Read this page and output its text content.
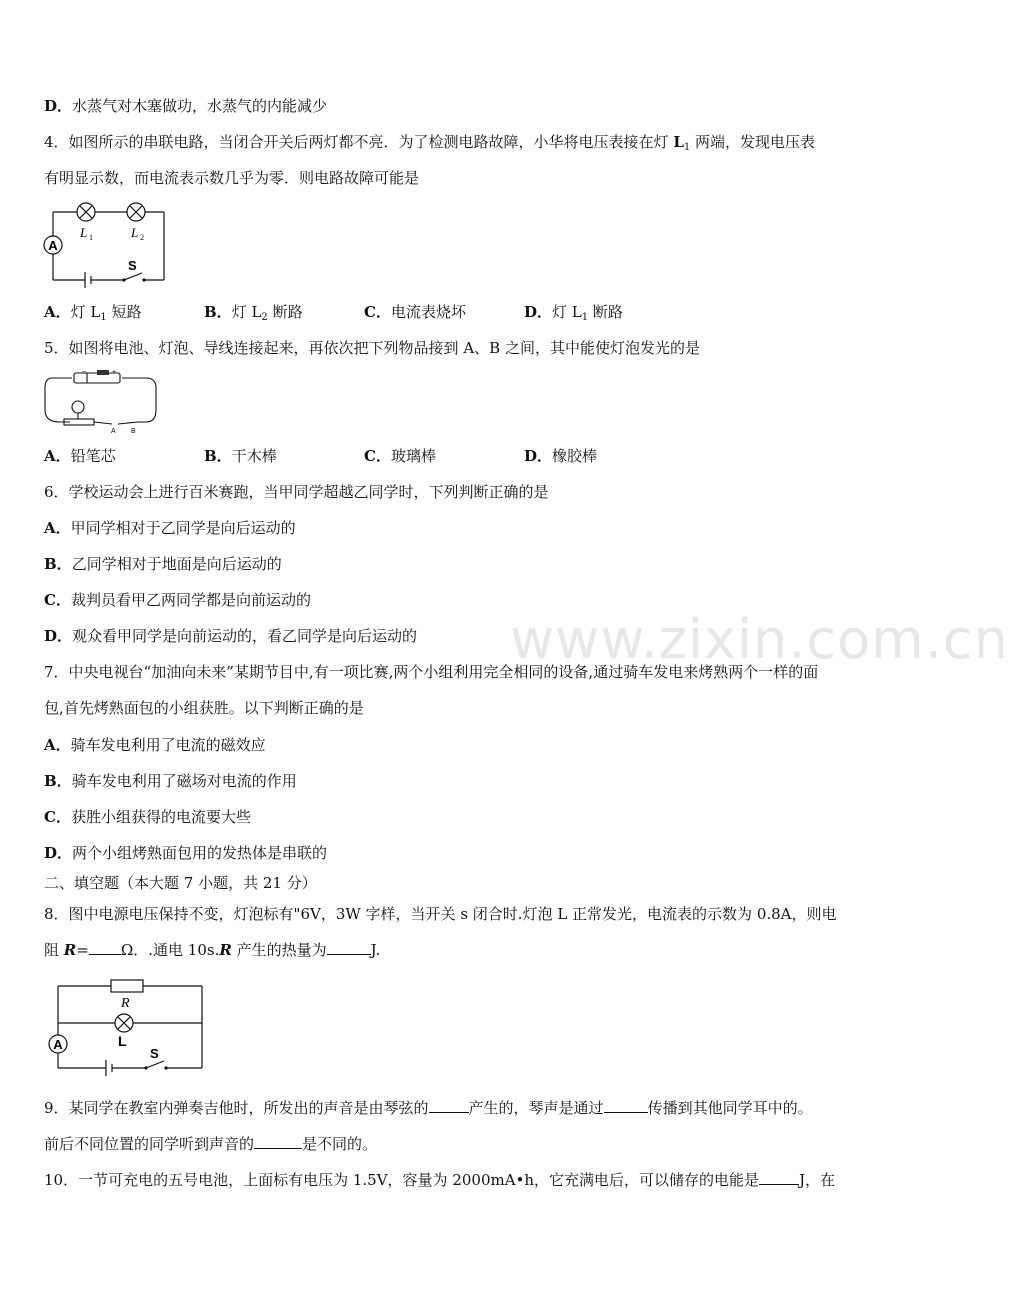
www.zixin.com.cn
D．水蒸气对木塞做功，水蒸气的内能减少
4．如图所示的串联电路，当闭合开关后两灯都不亮．为了检测电路故障，小华将电压表接在灯 $L_1$ 两端，发现电压表
有明显示数，而电流表示数几乎为零．则电路故障可能是
A
L 1	L 2
S
A．灯 $L_1$ 短路	B．灯 $L_2$ 断路	C．电流表烧坏	D．灯 $L_1$ 断路
5．如图将电池、灯泡、导线连接起来，再依次把下列物品接到 A、B 之间，其中能使灯泡发光的是
−	+
A B
A．铅笔芯	B．干木棒	C．玻璃棒	D．橡胶棒
6．学校运动会上进行百米赛跑，当甲同学超越乙同学时，下列判断正确的是
A．甲同学相对于乙同学是向后运动的
B．乙同学相对于地面是向后运动的
C．裁判员看甲乙两同学都是向前运动的
D．观众看甲同学是向前运动的，看乙同学是向后运动的
7．中央电视台“加油向未来”某期节目中,有一项比赛,两个小组利用完全相同的设备,通过骑车发电来烤熟两个一样的面
包,首先烤熟面包的小组获胜。以下判断正确的是
A．骑车发电利用了电流的磁效应
B．骑车发电利用了磁场对电流的作用
C．获胜小组获得的电流要大些
D．两个小组烤熟面包用的发热体是串联的
二、填空题（本大题 7 小题，共 21 分）
8．图中电源电压保持不变，灯泡标有"6V，3W 字样，当开关 s 闭合时.灯泡 L 正常发光，电流表的示数为 0.8A，则电
阻 R= Ω．.通电 10s.R 产生的热量为	J.
R
L
A
S
9．某同学在教室内弹奏吉他时，所发出的声音是由琴弦的	产生的，琴声是通过	传播到其他同学耳中的。
前后不同位置的同学听到声音的	是不同的。
10．一节可充电的五号电池，上面标有电压为 1.5V，容量为 2000mA•h，它充满电后，可以储存的电能是	J，在
